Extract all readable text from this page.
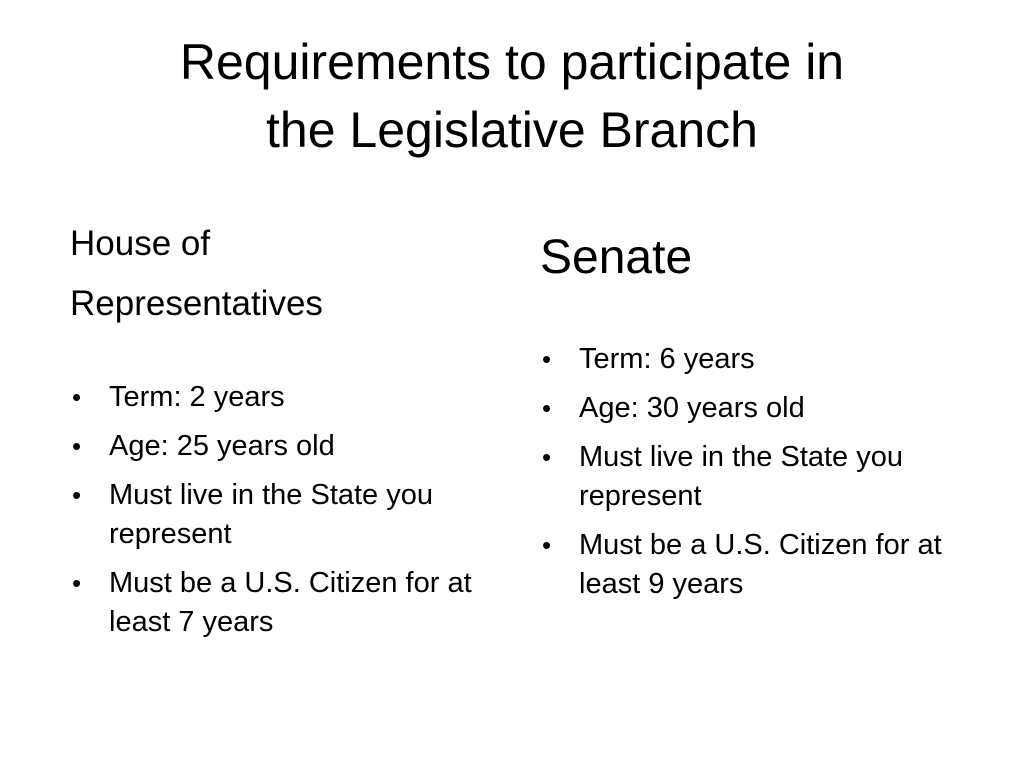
Requirements to participate in
the Legislative Branch
House of
Representatives
• Term: 2 years
• Age: 25 years old
• Must live in the State you represent
• Must be a U.S. Citizen for at least 7 years
Senate
• Term: 6 years
• Age: 30 years old
• Must live in the State you represent
• Must be a U.S. Citizen for at least 9 years
